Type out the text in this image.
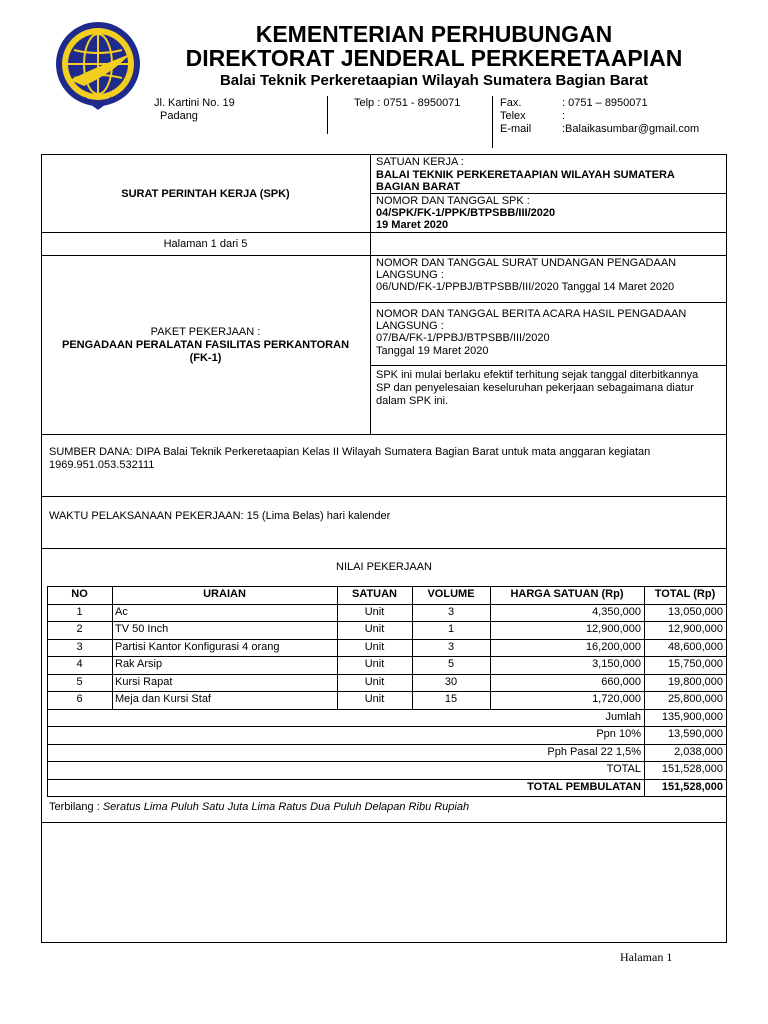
KEMENTERIAN PERHUBUNGAN
DIREKTORAT JENDERAL PERKERETAAPIAN
Balai Teknik Perkeretaapian Wilayah Sumatera Bagian Barat
Jl. Kartini No. 19
Padang
Telp : 0751 - 8950071	Fax.	: 0751 – 8950071
Telex	:
E-mail	:Balaikasumbar@gmail.com
SURAT PERINTAH KERJA (SPK)
Halaman 1 dari 5
PAKET PEKERJAAN :
PENGADAAN PERALATAN FASILITAS PERKANTORAN
(FK-1)
SATUAN KERJA :
BALAI TEKNIK PERKERETAAPIAN WILAYAH SUMATERA
BAGIAN BARAT
NOMOR DAN TANGGAL SPK :
04/SPK/FK-1/PPK/BTPSBB/III/2020
19 Maret 2020
NOMOR DAN TANGGAL SURAT UNDANGAN PENGADAAN
LANGSUNG :
06/UND/FK-1/PPBJ/BTPSBB/III/2020 Tanggal 14 Maret 2020
NOMOR DAN TANGGAL BERITA ACARA HASIL PENGADAAN
LANGSUNG :
07/BA/FK-1/PPBJ/BTPSBB/III/2020
Tanggal 19 Maret 2020
SPK ini mulai berlaku efektif terhitung sejak tanggal diterbitkannya
SP dan penyelesaian keseluruhan pekerjaan sebagaimana diatur
dalam SPK ini.
SUMBER DANA: DIPA Balai Teknik Perkeretaapian Kelas II Wilayah Sumatera Bagian Barat untuk mata anggaran kegiatan
1969.951.053.532111
WAKTU PELAKSANAAN PEKERJAAN: 15 (Lima Belas) hari kalender
NILAI PEKERJAAN
NO	URAIAN	SATUAN	VOLUME	HARGA SATUAN (Rp)	TOTAL (Rp)
1	Ac	Unit	3	4,350,000	13,050,000
2	TV 50 Inch	Unit	1	12,900,000	12,900,000
3	Partisi Kantor Konfigurasi 4 orang	Unit	3	16,200,000	48,600,000
4	Rak Arsip	Unit	5	3,150,000	15,750,000
5	Kursi Rapat	Unit	30	660,000	19,800,000
6	Meja dan Kursi Staf	Unit	15	1,720,000	25,800,000
Jumlah	135,900,000
Ppn 10%	13,590,000
Pph Pasal 22 1,5%	2,038,000
TOTAL	151,528,000
TOTAL PEMBULATAN	151,528,000
Terbilang : Seratus Lima Puluh Satu Juta Lima Ratus Dua Puluh Delapan Ribu Rupiah
Halaman 1
